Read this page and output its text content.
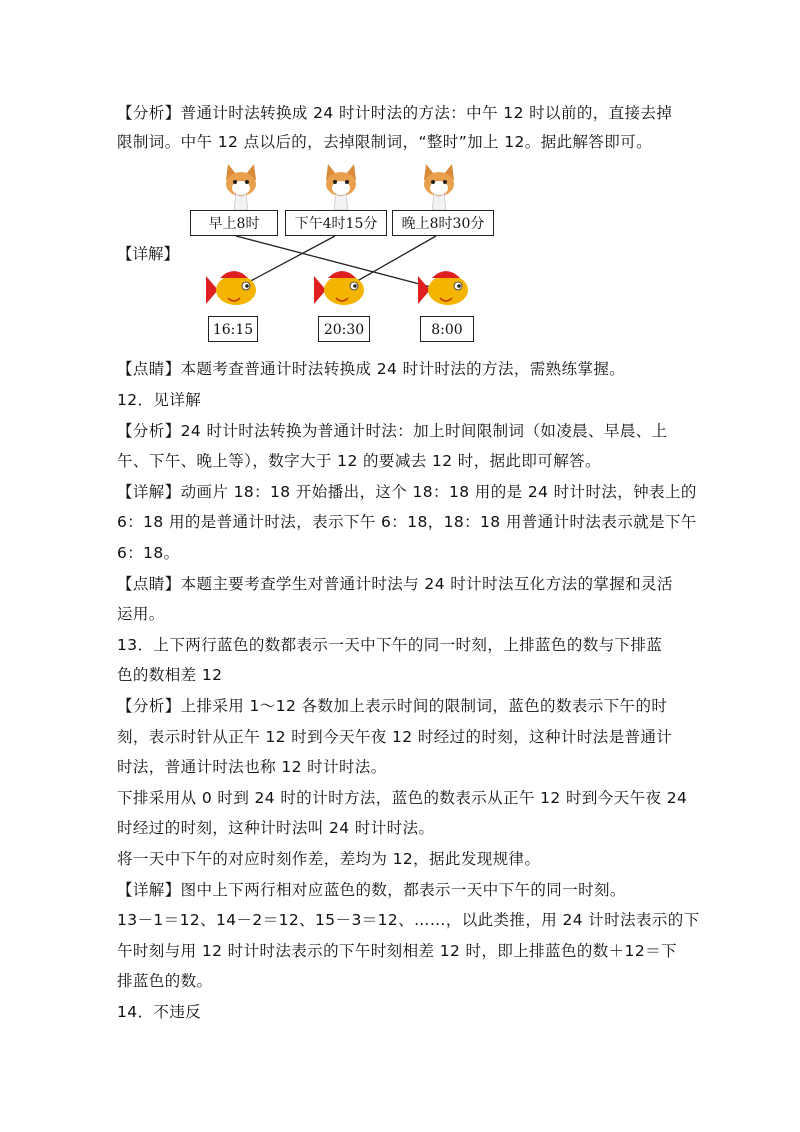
【分析】普通计时法转换成 24 时计时法的方法：中午 12 时以前的，直接去掉
限制词。中午 12 点以后的，去掉限制词，“整时”加上 12。据此解答即可。
【详解】
早上8时	下午4时15分	晚上8时30分
16:15	20:30	8:00
【点睛】本题考查普通计时法转换成 24 时计时法的方法，需熟练掌握。
12．见详解
【分析】24 时计时法转换为普通计时法：加上时间限制词（如凌晨、早晨、上
午、下午、晚上等），数字大于 12 的要减去 12 时，据此即可解答。
【详解】动画片 18：18 开始播出，这个 18：18 用的是 24 时计时法，钟表上的
6：18 用的是普通计时法，表示下午 6：18，18：18 用普通计时法表示就是下午
6：18。
【点睛】本题主要考查学生对普通计时法与 24 时计时法互化方法的掌握和灵活
运用。
13．上下两行蓝色的数都表示一天中下午的同一时刻，上排蓝色的数与下排蓝
色的数相差 12
【分析】上排采用 1～12 各数加上表示时间的限制词，蓝色的数表示下午的时
刻，表示时针从正午 12 时到今天午夜 12 时经过的时刻，这种计时法是普通计
时法，普通计时法也称 12 时计时法。
下排采用从 0 时到 24 时的计时方法，蓝色的数表示从正午 12 时到今天午夜 24
时经过的时刻，这种计时法叫 24 时计时法。
将一天中下午的对应时刻作差，差均为 12，据此发现规律。
【详解】图中上下两行相对应蓝色的数，都表示一天中下午的同一时刻。
13－1＝12、14－2＝12、15－3＝12、……，以此类推，用 24 计时法表示的下
午时刻与用 12 时计时法表示的下午时刻相差 12 时，即上排蓝色的数＋12＝下
排蓝色的数。
14．不违反
